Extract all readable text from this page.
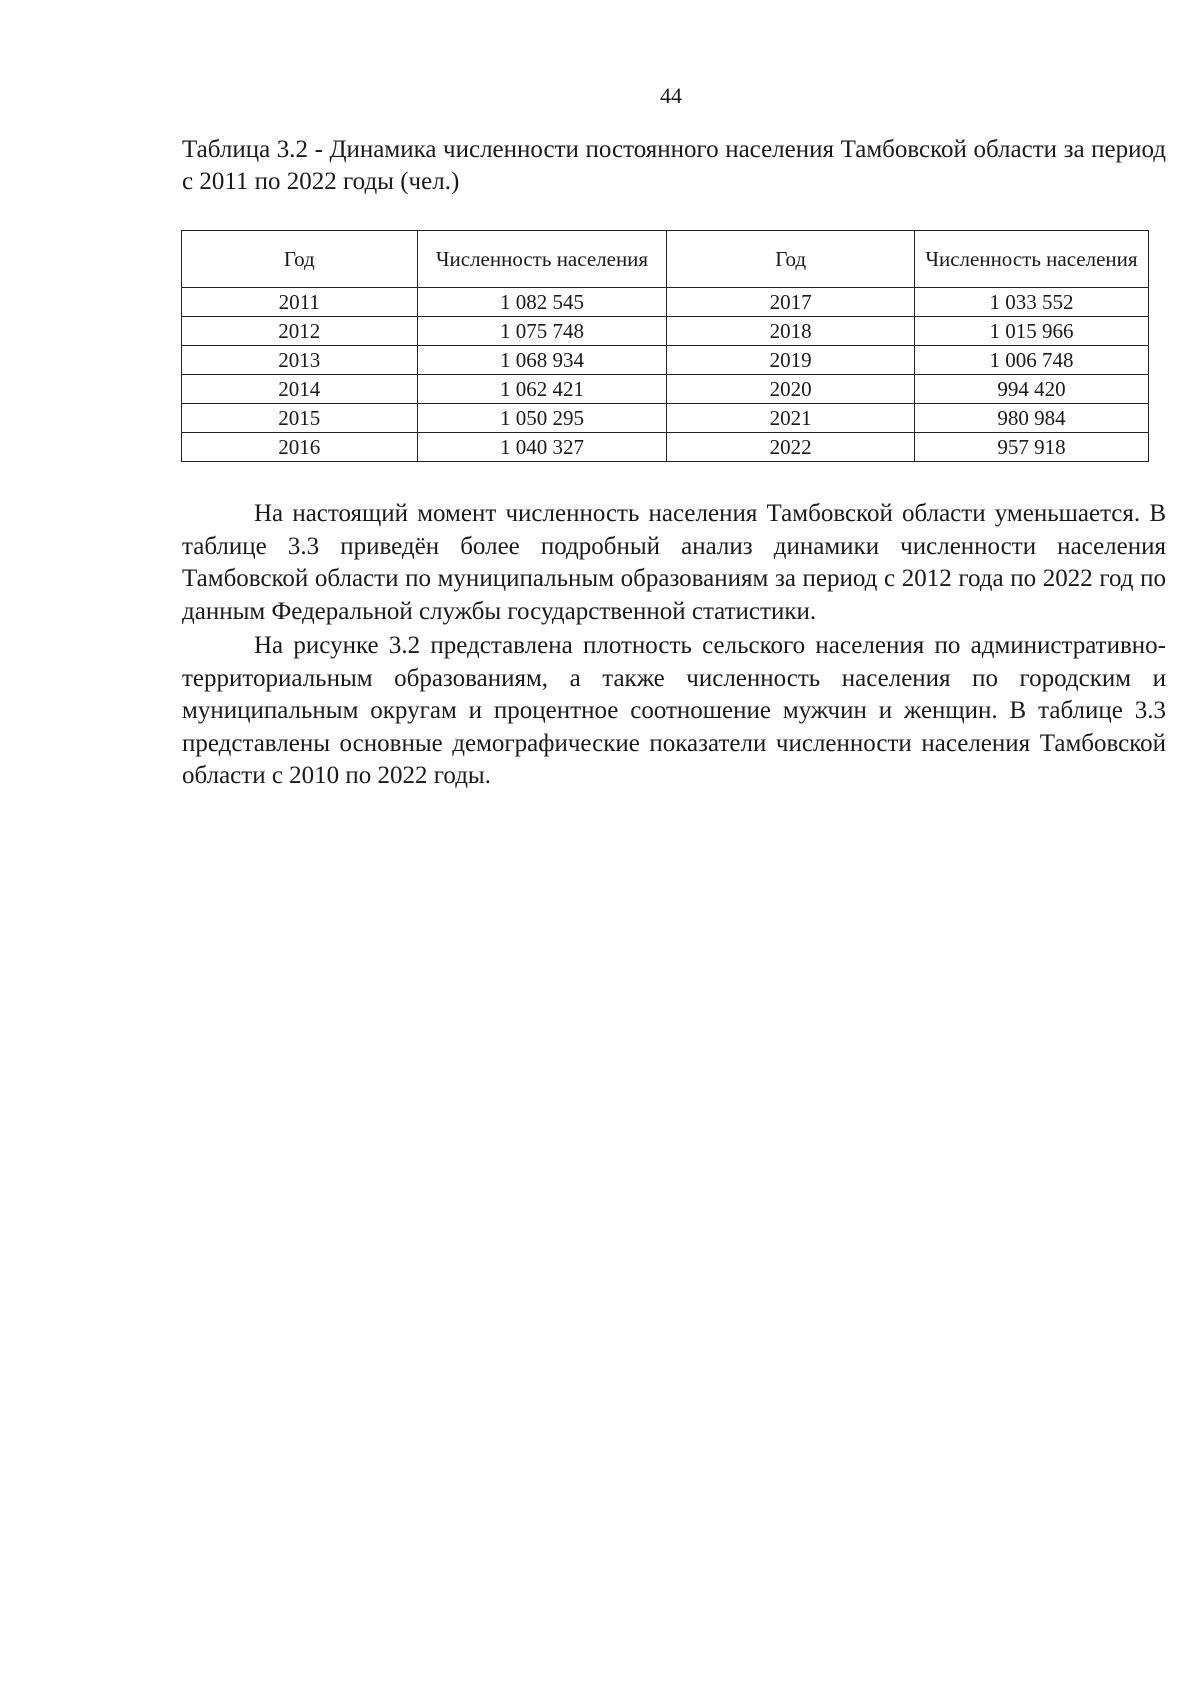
44
Таблица 3.2 - Динамика численности постоянного населения Тамбовской области за период с 2011 по 2022 годы (чел.)
Год	Численность населения	Год	Численность населения
2011	1 082 545	2017	1 033 552
2012	1 075 748	2018	1 015 966
2013	1 068 934	2019	1 006 748
2014	1 062 421	2020	994 420
2015	1 050 295	2021	980 984
2016	1 040 327	2022	957 918

На настоящий момент численность населения Тамбовской области уменьшается. В таблице 3.3 приведён более подробный анализ динамики численности населения Тамбовской области по муниципальным образованиям за период с 2012 года по 2022 год по данным Федеральной службы государственной статистики.

На рисунке 3.2 представлена плотность сельского населения по административно-территориальным образованиям, а также численность населения по городским и муниципальным округам и процентное соотношение мужчин и женщин. В таблице 3.3 представлены основные демографические показатели численности населения Тамбовской области с 2010 по 2022 годы.
